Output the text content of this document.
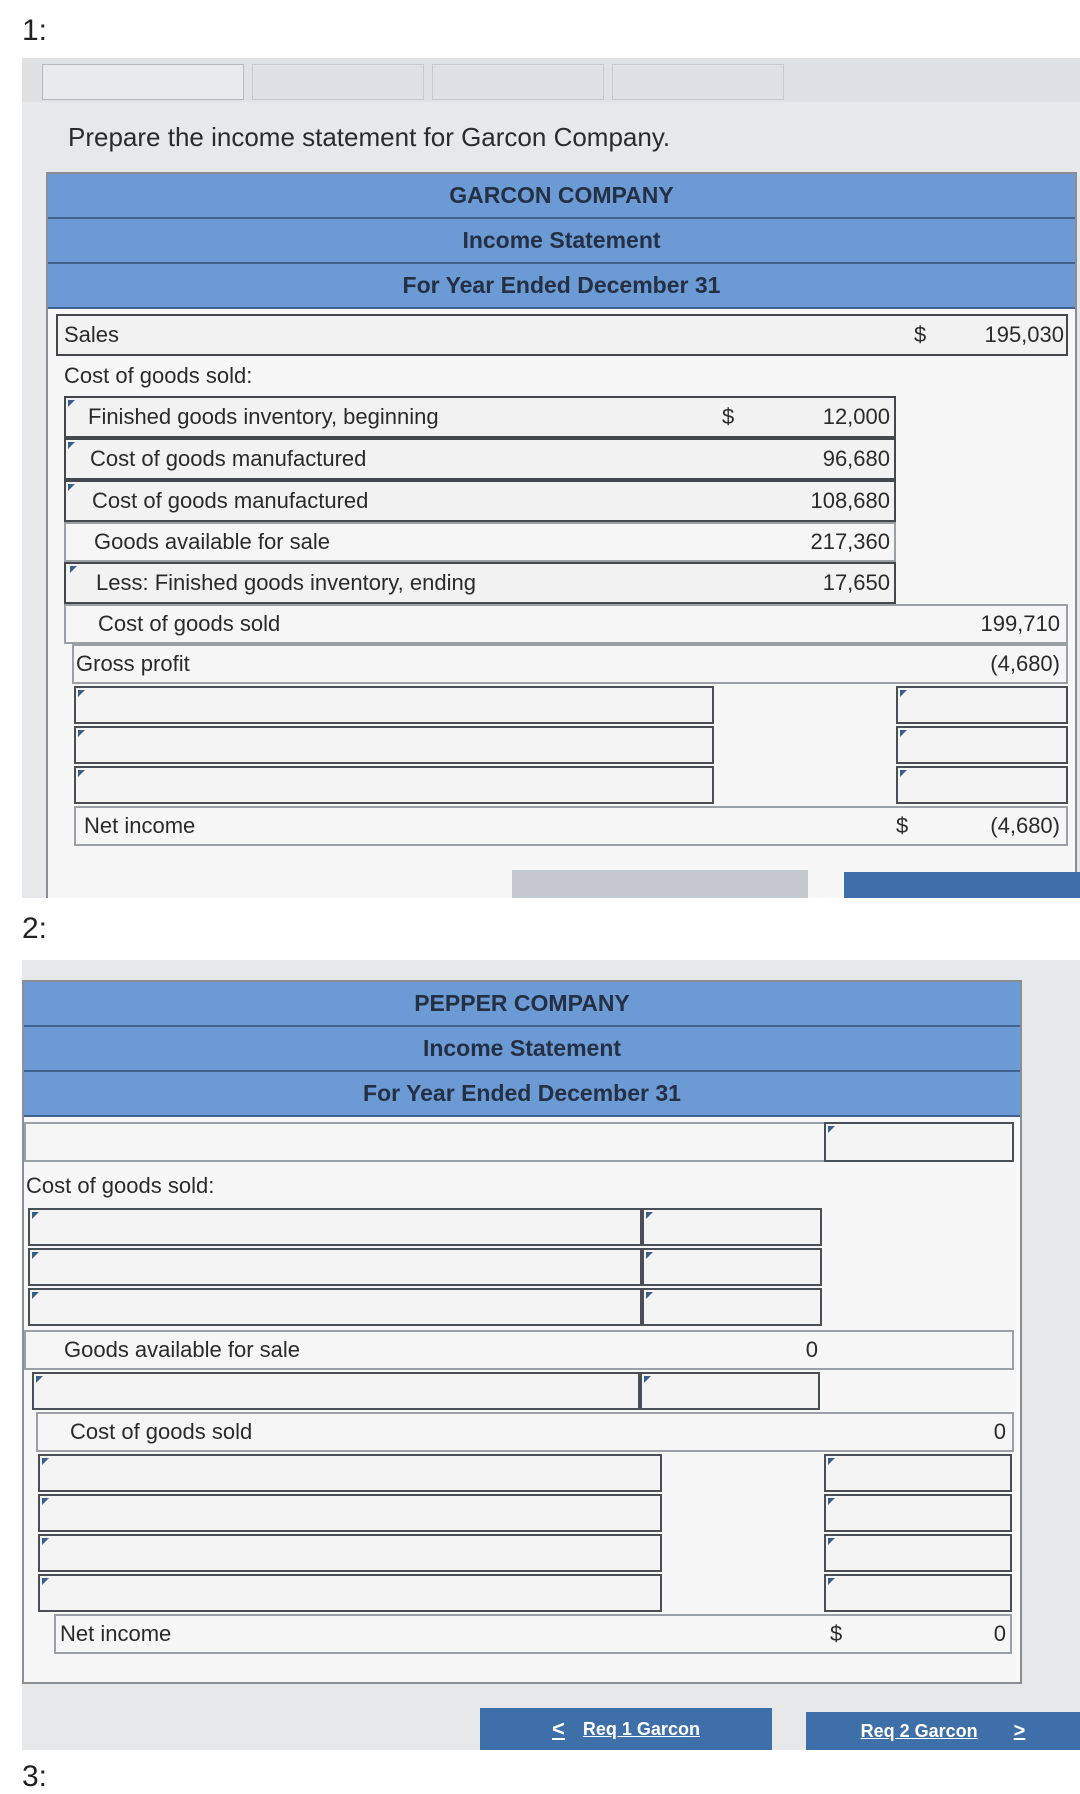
1:
2:
3:
Prepare the income statement for Garcon Company.
GARCON COMPANY
Income Statement
For Year Ended December 31
Sales	$	195,030
Cost of goods sold:
Finished goods inventory, beginning	$	12,000
Cost of goods manufactured	96,680
Cost of goods manufactured	108,680
Goods available for sale	217,360
Less: Finished goods inventory, ending	17,650
Cost of goods sold	199,710
Gross profit	(4,680)
Net income	$	(4,680)
PEPPER COMPANY
Income Statement
For Year Ended December 31
Cost of goods sold:
Goods available for sale	0
Cost of goods sold	0
Net income	$	0
< Req 1 Garcon	Req 2 Garcon >
